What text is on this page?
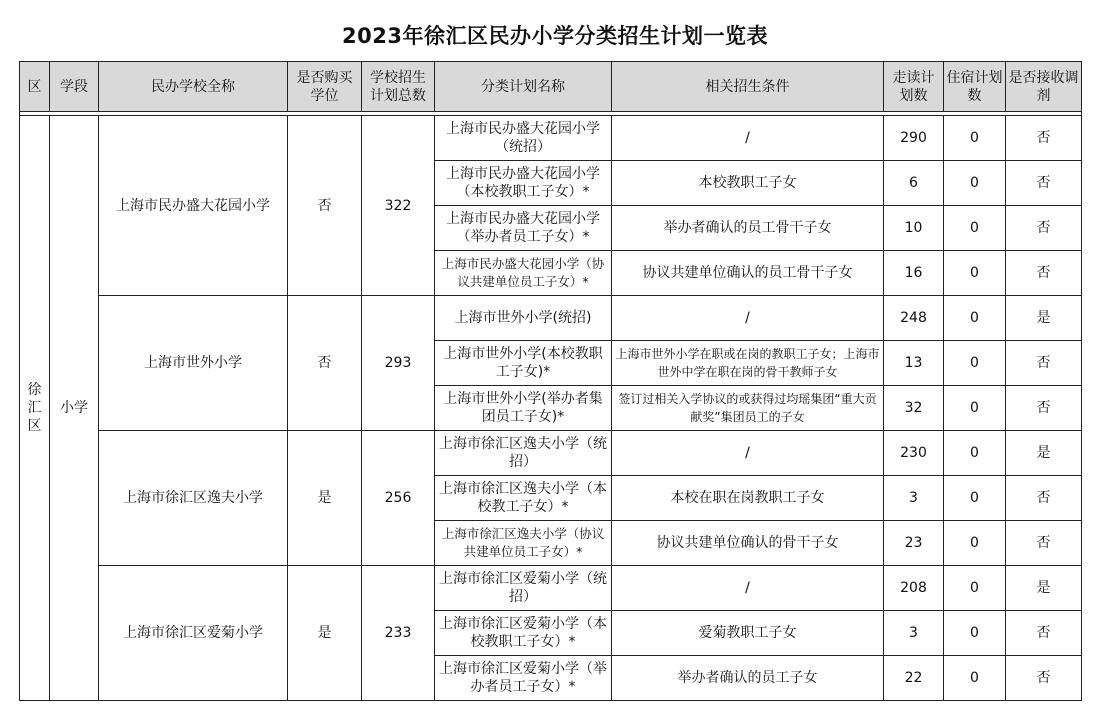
2023年徐汇区民办小学分类招生计划一览表
区	学段	民办学校全称	是否购买学位	学校招生计划总数	分类计划名称	相关招生条件	走读计划数	住宿计划数	是否接收调剂

徐汇区	小学	上海市民办盛大花园小学	否	322	上海市民办盛大花园小学（统招）	/	290	0	否
					上海市民办盛大花园小学（本校教职工子女）*	本校教职工子女	6	0	否
					上海市民办盛大花园小学（举办者员工子女）*	举办者确认的员工骨干子女	10	0	否
					上海市民办盛大花园小学（协议共建单位员工子女）*	协议共建单位确认的员工骨干子女	16	0	否
		上海市世外小学	否	293	上海市世外小学(统招)	/	248	0	是
					上海市世外小学(本校教职工子女)*	上海市世外小学在职或在岗的教职工子女；上海市世外中学在职在岗的骨干教师子女	13	0	否
					上海市世外小学(举办者集团员工子女)*	签订过相关入学协议的或获得过均瑶集团“重大贡献奖”集团员工的子女	32	0	否
		上海市徐汇区逸夫小学	是	256	上海市徐汇区逸夫小学（统招）	/	230	0	是
					上海市徐汇区逸夫小学（本校教工子女）*	本校在职在岗教职工子女	3	0	否
					上海市徐汇区逸夫小学（协议共建单位员工子女）*	协议共建单位确认的骨干子女	23	0	否
		上海市徐汇区爱菊小学	是	233	上海市徐汇区爱菊小学（统招）	/	208	0	是
					上海市徐汇区爱菊小学（本校教职工子女）*	爱菊教职工子女	3	0	否
					上海市徐汇区爱菊小学（举办者员工子女）*	举办者确认的员工子女	22	0	否
